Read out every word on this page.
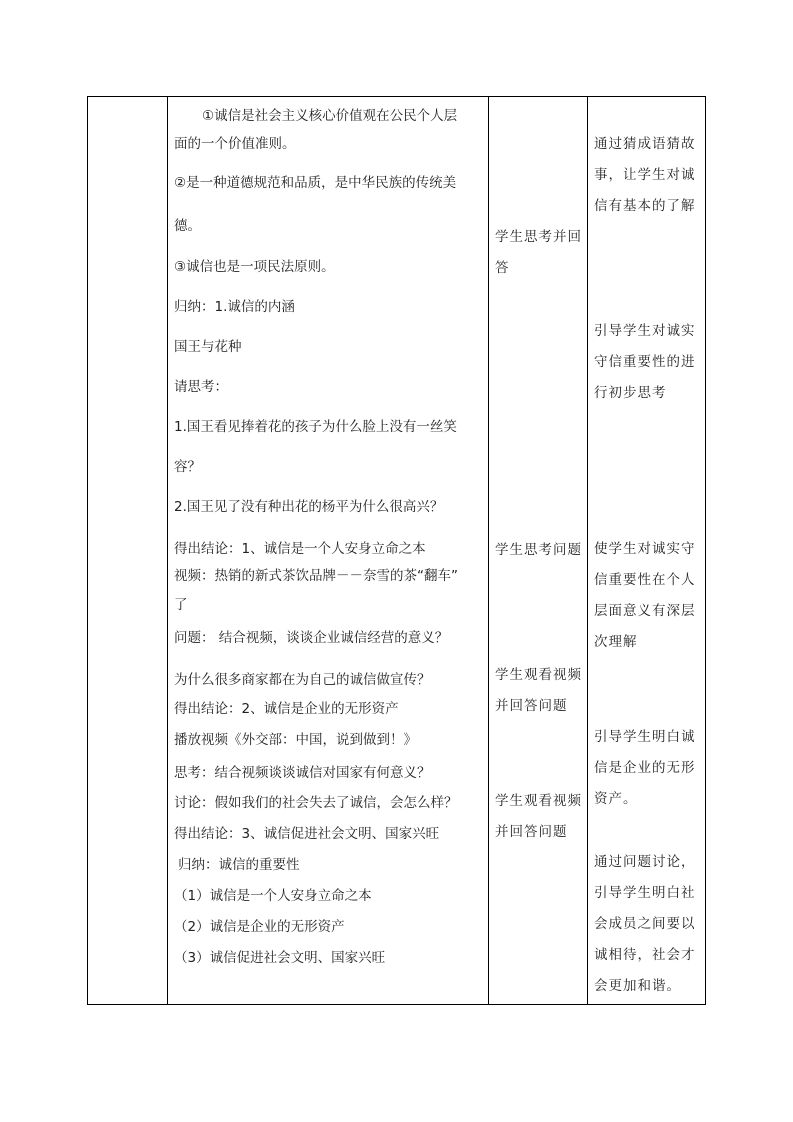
①诚信是社会主义核心价值观在公民个人层
面的一个价值准则。
②是一种道德规范和品质，是中华民族的传统美
德。
③诚信也是一项民法原则。
归纳：1.诚信的内涵
国王与花种
请思考：
1.国王看见捧着花的孩子为什么脸上没有一丝笑
容？
2.国王见了没有种出花的杨平为什么很高兴？
得出结论：1、诚信是一个人安身立命之本
视频：热销的新式茶饮品牌－－奈雪的茶“翻车”
了
问题： 结合视频，谈谈企业诚信经营的意义？
为什么很多商家都在为自己的诚信做宣传？
得出结论：2、诚信是企业的无形资产
播放视频《外交部：中国，说到做到！》
思考：结合视频谈谈诚信对国家有何意义？
讨论：假如我们的社会失去了诚信，会怎么样？
得出结论：3、诚信促进社会文明、国家兴旺
归纳：诚信的重要性
（1）诚信是一个人安身立命之本
（2）诚信是企业的无形资产
（3）诚信促进社会文明、国家兴旺
学生思考并回答
学生思考问题
学生观看视频并回答问题
学生观看视频并回答问题
通过猜成语猜故事，让学生对诚信有基本的了解
引导学生对诚实守信重要性的进行初步思考
使学生对诚实守信重要性在个人层面意义有深层次理解
引导学生明白诚信是企业的无形资产。
通过问题讨论，引导学生明白社会成员之间要以诚相待，社会才会更加和谐。
